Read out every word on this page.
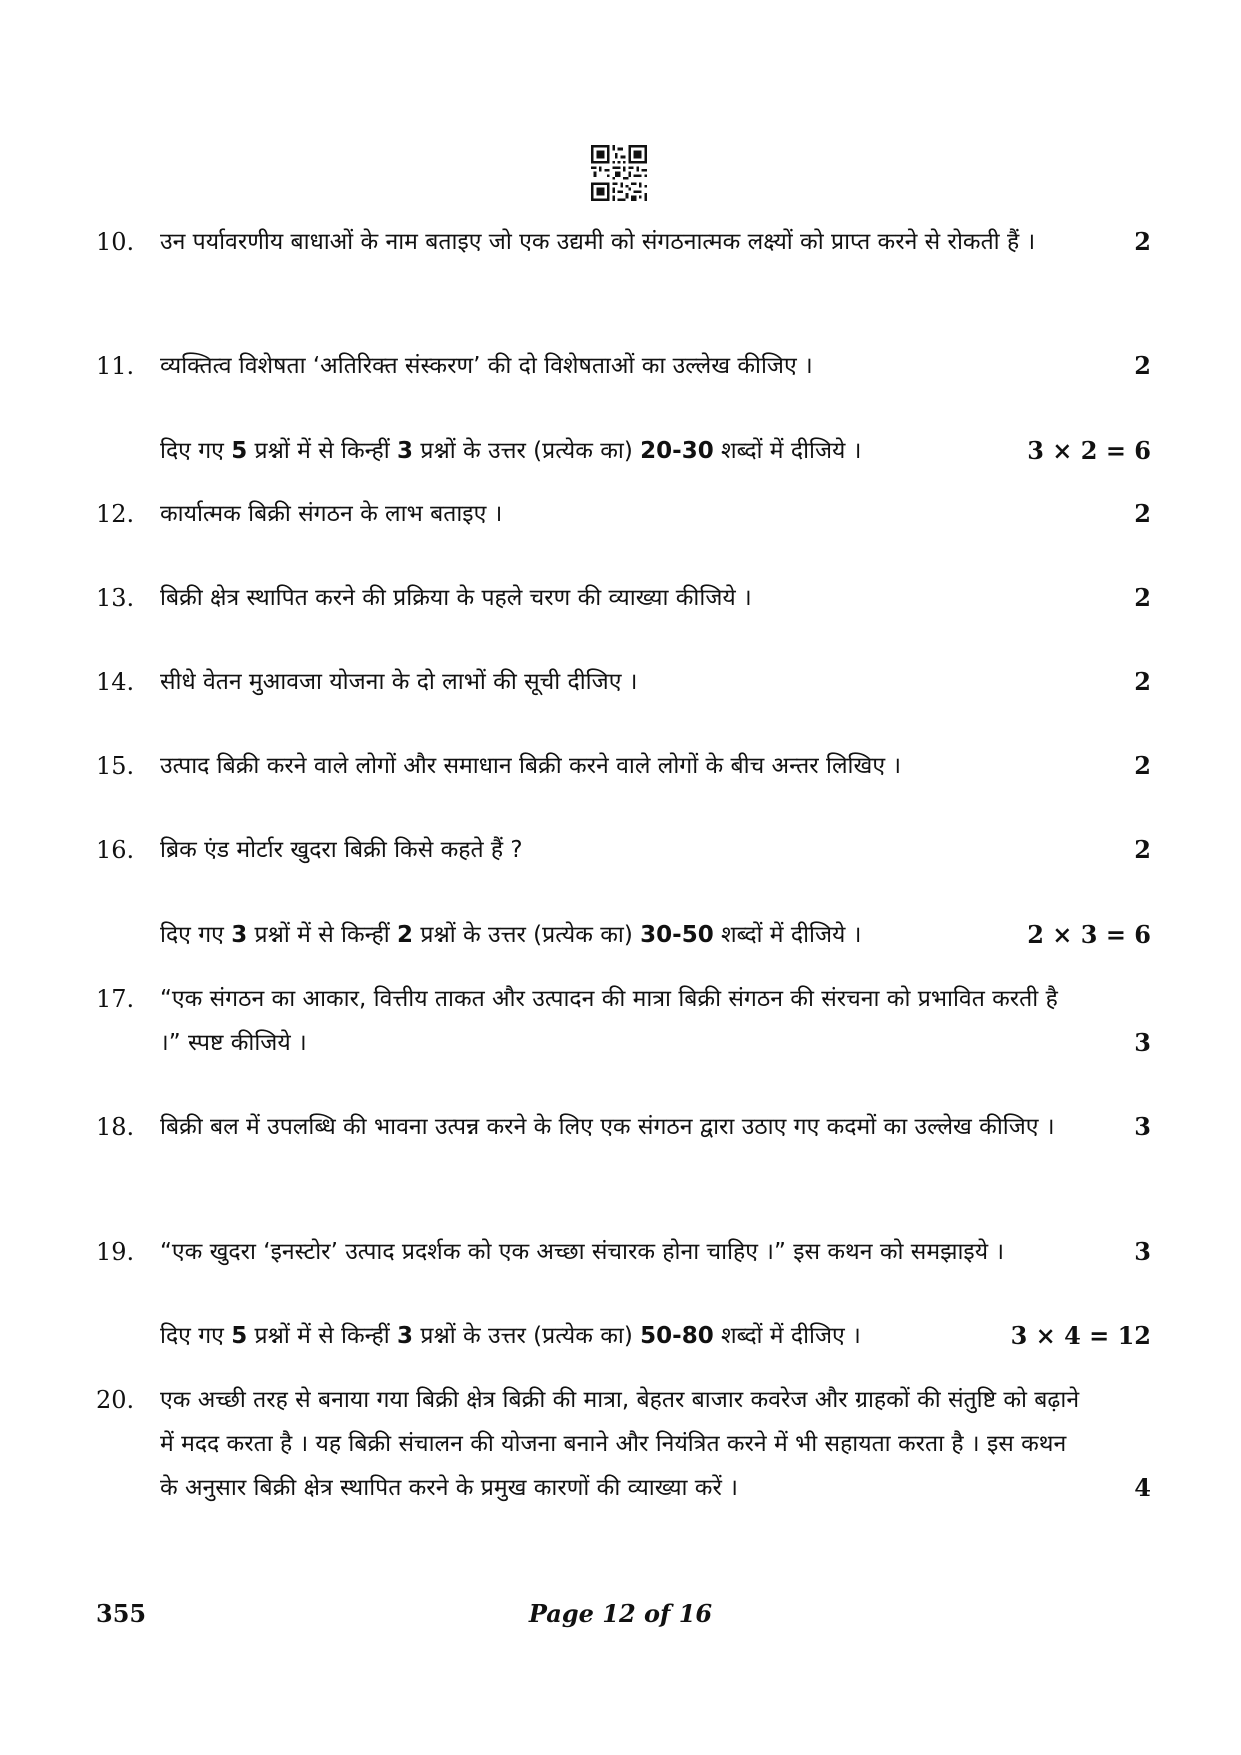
10.	उन पर्यावरणीय बाधाओं के नाम बताइए जो एक उद्यमी को संगठनात्मक लक्ष्यों को प्राप्त करने से रोकती हैं ।	2
11.	व्यक्तित्व विशेषता ‘अतिरिक्त संस्करण’ की दो विशेषताओं का उल्लेख कीजिए ।	2
दिए गए 5 प्रश्नों में से किन्हीं 3 प्रश्नों के उत्तर (प्रत्येक का) 20-30 शब्दों में दीजिये ।	3 × 2 = 6
12.	कार्यात्मक बिक्री संगठन के लाभ बताइए ।	2
13.	बिक्री क्षेत्र स्थापित करने की प्रक्रिया के पहले चरण की व्याख्या कीजिये ।	2
14.	सीधे वेतन मुआवजा योजना के दो लाभों की सूची दीजिए ।	2
15.	उत्पाद बिक्री करने वाले लोगों और समाधान बिक्री करने वाले लोगों के बीच अन्तर लिखिए ।	2
16.	ब्रिक एंड मोर्टार खुदरा बिक्री किसे कहते हैं ?	2
दिए गए 3 प्रश्नों में से किन्हीं 2 प्रश्नों के उत्तर (प्रत्येक का) 30-50 शब्दों में दीजिये ।	2 × 3 = 6
17.	“एक संगठन का आकार, वित्तीय ताकत और उत्पादन की मात्रा बिक्री संगठन की संरचना को प्रभावित करती है ।” स्पष्ट कीजिये ।	3
18.	बिक्री बल में उपलब्धि की भावना उत्पन्न करने के लिए एक संगठन द्वारा उठाए गए कदमों का उल्लेख कीजिए ।	3
19.	“एक खुदरा ‘इनस्टोर’ उत्पाद प्रदर्शक को एक अच्छा संचारक होना चाहिए ।” इस कथन को समझाइये ।	3
दिए गए 5 प्रश्नों में से किन्हीं 3 प्रश्नों के उत्तर (प्रत्येक का) 50-80 शब्दों में दीजिए ।	3 × 4 = 12
20.	एक अच्छी तरह से बनाया गया बिक्री क्षेत्र बिक्री की मात्रा, बेहतर बाजार कवरेज और ग्राहकों की संतुष्टि को बढ़ाने में मदद करता है । यह बिक्री संचालन की योजना बनाने और नियंत्रित करने में भी सहायता करता है । इस कथन के अनुसार बिक्री क्षेत्र स्थापित करने के प्रमुख कारणों की व्याख्या करें ।	4
355	Page 12 of 16
